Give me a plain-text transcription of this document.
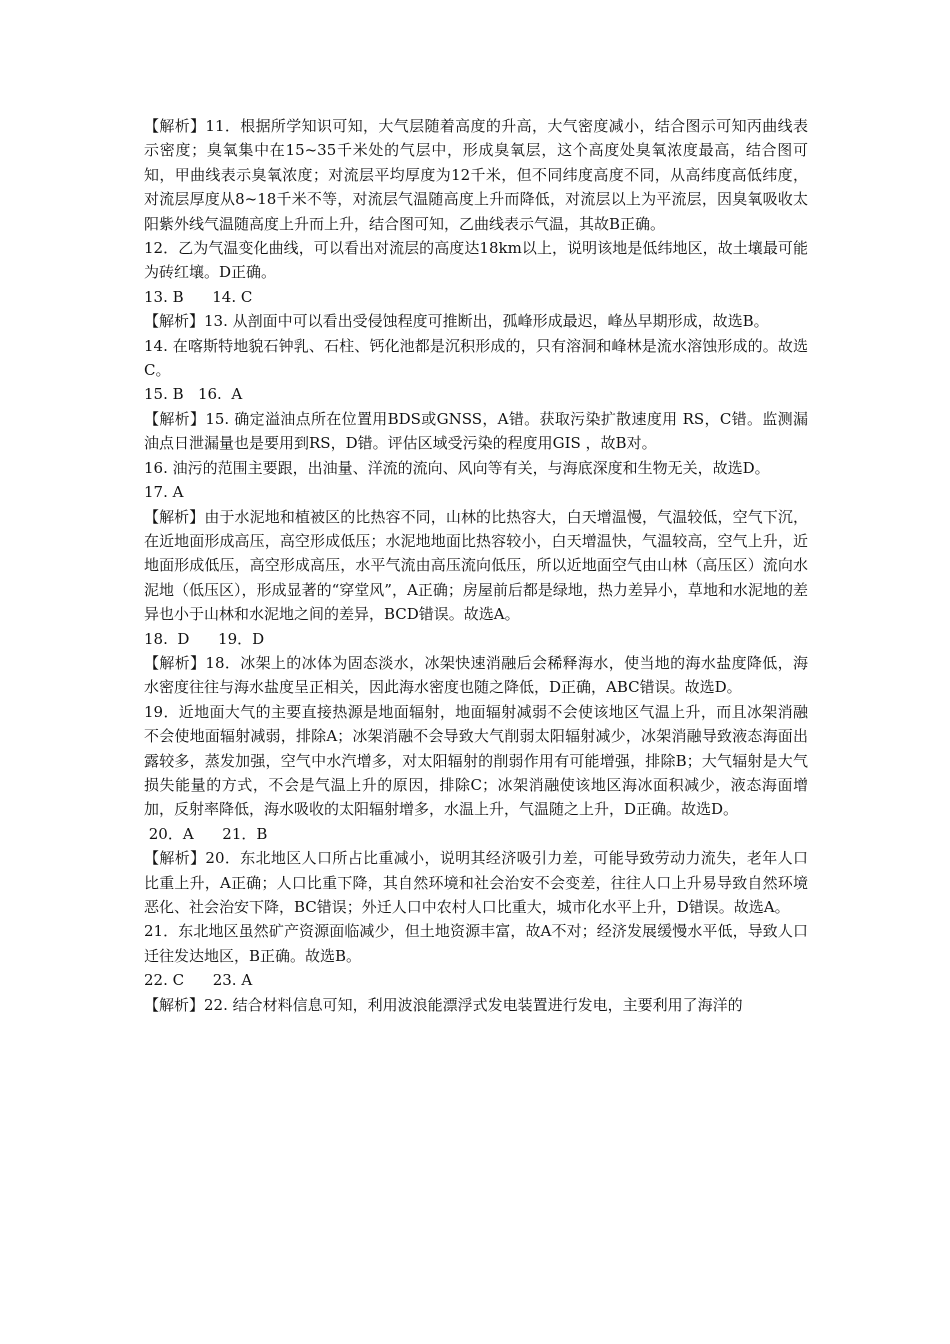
【解析】11．根据所学知识可知，大气层随着高度的升高，大气密度减小，结合图示可知丙曲线表示密度；臭氧集中在15~35千米处的气层中，形成臭氧层，这个高度处臭氧浓度最高，结合图可知，甲曲线表示臭氧浓度；对流层平均厚度为12千米，但不同纬度高度不同，从高纬度高低纬度，对流层厚度从8~18千米不等，对流层气温随高度上升而降低，对流层以上为平流层，因臭氧吸收太阳紫外线气温随高度上升而上升，结合图可知，乙曲线表示气温，其故B正确。

12．乙为气温变化曲线，可以看出对流层的高度达18km以上，说明该地是低纬地区，故土壤最可能为砖红壤。D正确。

13. B      14. C

【解析】13. 从剖面中可以看出受侵蚀程度可推断出，孤峰形成最迟，峰丛早期形成，故选B。

14. 在喀斯特地貌石钟乳、石柱、钙化池都是沉积形成的，只有溶洞和峰林是流水溶蚀形成的。故选C。

15. B   16.  A

【解析】15. 确定溢油点所在位置用BDS或GNSS，A错。获取污染扩散速度用 RS，C错。监测漏油点日泄漏量也是要用到RS，D错。评估区域受污染的程度用GIS ，故B对。

16. 油污的范围主要跟，出油量、洋流的流向、风向等有关，与海底深度和生物无关，故选D。

17. A

【解析】由于水泥地和植被区的比热容不同，山林的比热容大，白天增温慢，气温较低，空气下沉，在近地面形成高压，高空形成低压；水泥地地面比热容较小，白天增温快，气温较高，空气上升，近地面形成低压，高空形成高压，水平气流由高压流向低压，所以近地面空气由山林（高压区）流向水泥地（低压区），形成显著的“穿堂风”，A正确；房屋前后都是绿地，热力差异小，草地和水泥地的差异也小于山林和水泥地之间的差异，BCD错误。故选A。

18.  D      19．D

【解析】18．冰架上的冰体为固态淡水，冰架快速消融后会稀释海水，使当地的海水盐度降低，海水密度往往与海水盐度呈正相关，因此海水密度也随之降低，D正确，ABC错误。故选D。

19．近地面大气的主要直接热源是地面辐射，地面辐射减弱不会使该地区气温上升，而且冰架消融不会使地面辐射减弱，排除A；冰架消融不会导致大气削弱太阳辐射减少，冰架消融导致液态海面出露较多，蒸发加强，空气中水汽增多，对太阳辐射的削弱作用有可能增强，排除B；大气辐射是大气损失能量的方式，不会是气温上升的原因，排除C；冰架消融使该地区海冰面积减少，液态海面增加，反射率降低，海水吸收的太阳辐射增多，水温上升，气温随之上升，D正确。故选D。

20．A      21．B

【解析】20．东北地区人口所占比重减小，说明其经济吸引力差，可能导致劳动力流失，老年人口比重上升，A正确；人口比重下降，其自然环境和社会治安不会变差，往往人口上升易导致自然环境恶化、社会治安下降，BC错误；外迁人口中农村人口比重大，城市化水平上升，D错误。故选A。

21．东北地区虽然矿产资源面临减少，但土地资源丰富，故A不对；经济发展缓慢水平低，导致人口迁往发达地区，B正确。故选B。

22. C      23. A

【解析】22. 结合材料信息可知，利用波浪能漂浮式发电装置进行发电，主要利用了海洋的
